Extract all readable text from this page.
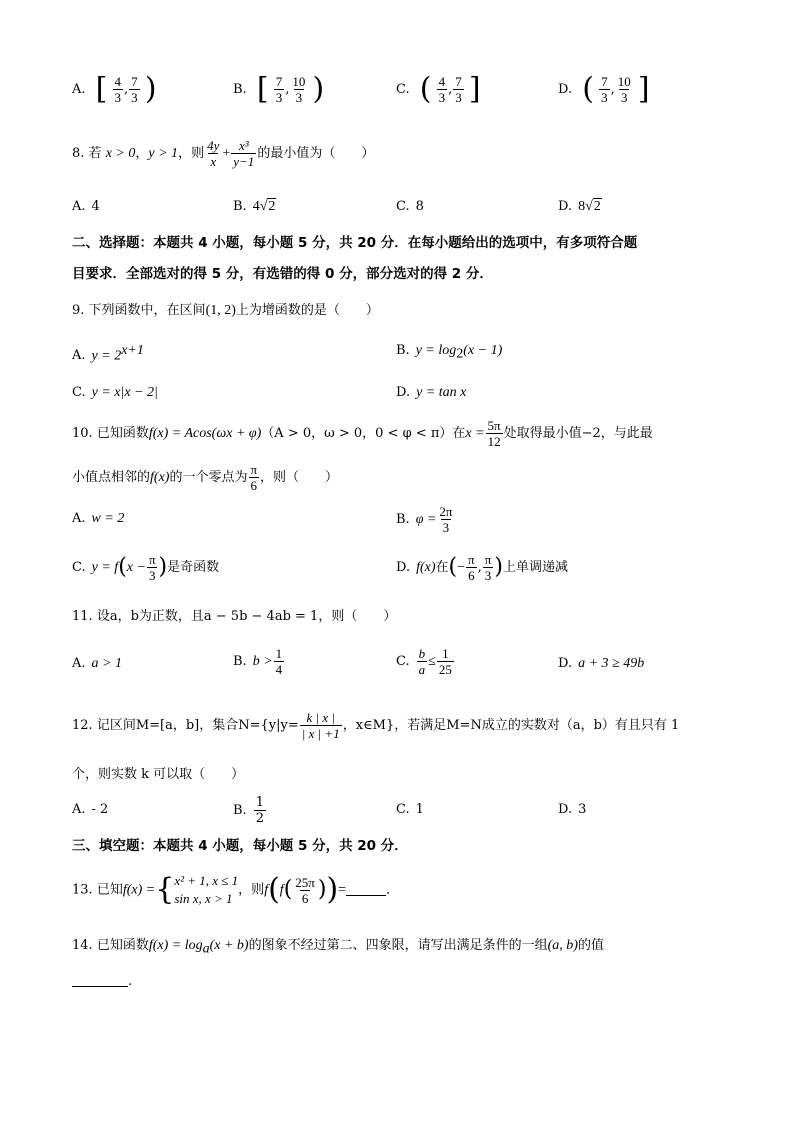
A. [ $\frac{4}{3}$ , $\frac{7}{3}$ )	B. [ $\frac{7}{3}$ , $\frac{10}{3}$ )	C. ( $\frac{4}{3}$ , $\frac{7}{3}$ ]	D. ( $\frac{7}{3}$ , $\frac{10}{3}$ ]
8. 若 x > 0，y > 1，则 $\frac{4y}{x} + \frac{\text{x³}}{y-1}$ 的最小值为（　　）
A. 4	B. 4√2	C. 8	D. 8√2
二、选择题：本题共 4 小题，每小题 5 分，共 20 分．在每小题给出的选项中，有多项符合题
目要求．全部选对的得 5 分，有选错的得 0 分，部分选对的得 2 分．
9. 下列函数中，在区间(1, 2)上为增函数的是（　　）
A. $y = 2^{x+1}$	B. $y = \log_2(x - 1)$
C. y = x|x − 2|	D. y = tan x
10. 已知函数f(x) = Acos(ωx + φ)（A > 0，ω > 0，0 < φ < π）在$x = \frac{5\pi}{12}$ 处取得最小值−2，与此最
小值点相邻的f(x)的一个零点为 $\frac{\pi}{6}$ ，则（　　）
A. w = 2	B. $\varphi = \frac{2\pi}{3}$
C. $y = f(x - \frac{\pi}{3}$ )是奇函数	D. f(x)在(− $\frac{\pi}{6}$ , $\frac{\pi}{3}$ )上单调递减
11. 设a，b为正数，且a − 5b − 4ab = 1，则（　　）
A. a > 1	B. $b > \frac{1}{4}$	C. $\frac{b}{a} \le \frac{1}{25}$	D. a + 3 ≥ 49b
12. 记区间M=[a，b]，集合$N=\{y|y= \frac{k | x |}{| x | +1}$ ，x∈M}，若满足M=N成立的实数对（a，b）有且只有 1
个，则实数 k 可以取（　　）
A. - 2	B. $\frac{1}{2}$	C. 1	D. 3
三、填空题：本题共 4 小题，每小题 5 分，共 20 分．
13. 已知f(x) ={ x² + 1, x ≤ 1
sin x, x > 1
，则$f(f( \frac{25\pi}{6}$ ))=	．
14. 已知函数$f(x) = \log_a(x + b)$的图象不经过第二、四象限，请写出满足条件的一组(a, b)的值
.
